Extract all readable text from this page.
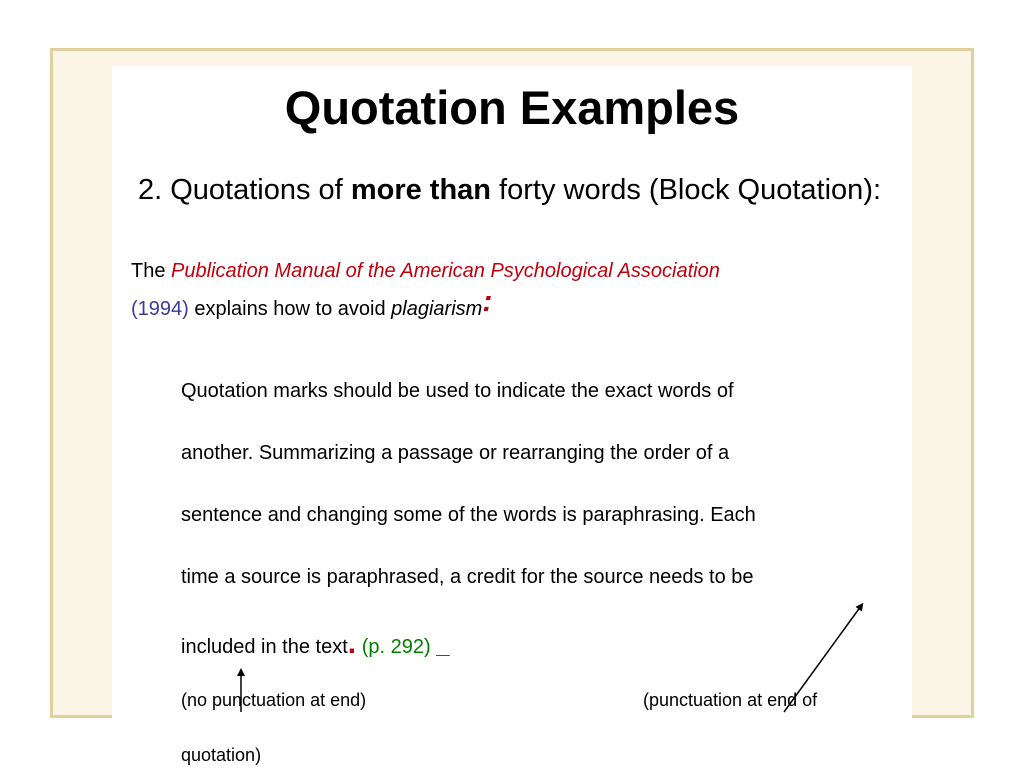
Quotation Examples
2. Quotations of more than forty words (Block Quotation):
The Publication Manual of the American Psychological Association
(1994) explains how to avoid plagiarism:
Quotation marks should be used to indicate the exact words of
another. Summarizing a passage or rearranging the order of a
sentence and changing some of the words is paraphrasing. Each
time a source is paraphrased, a credit for the source needs to be
included in the text. (p. 292) _
(no punctuation at end)	(punctuation at end of
quotation)
